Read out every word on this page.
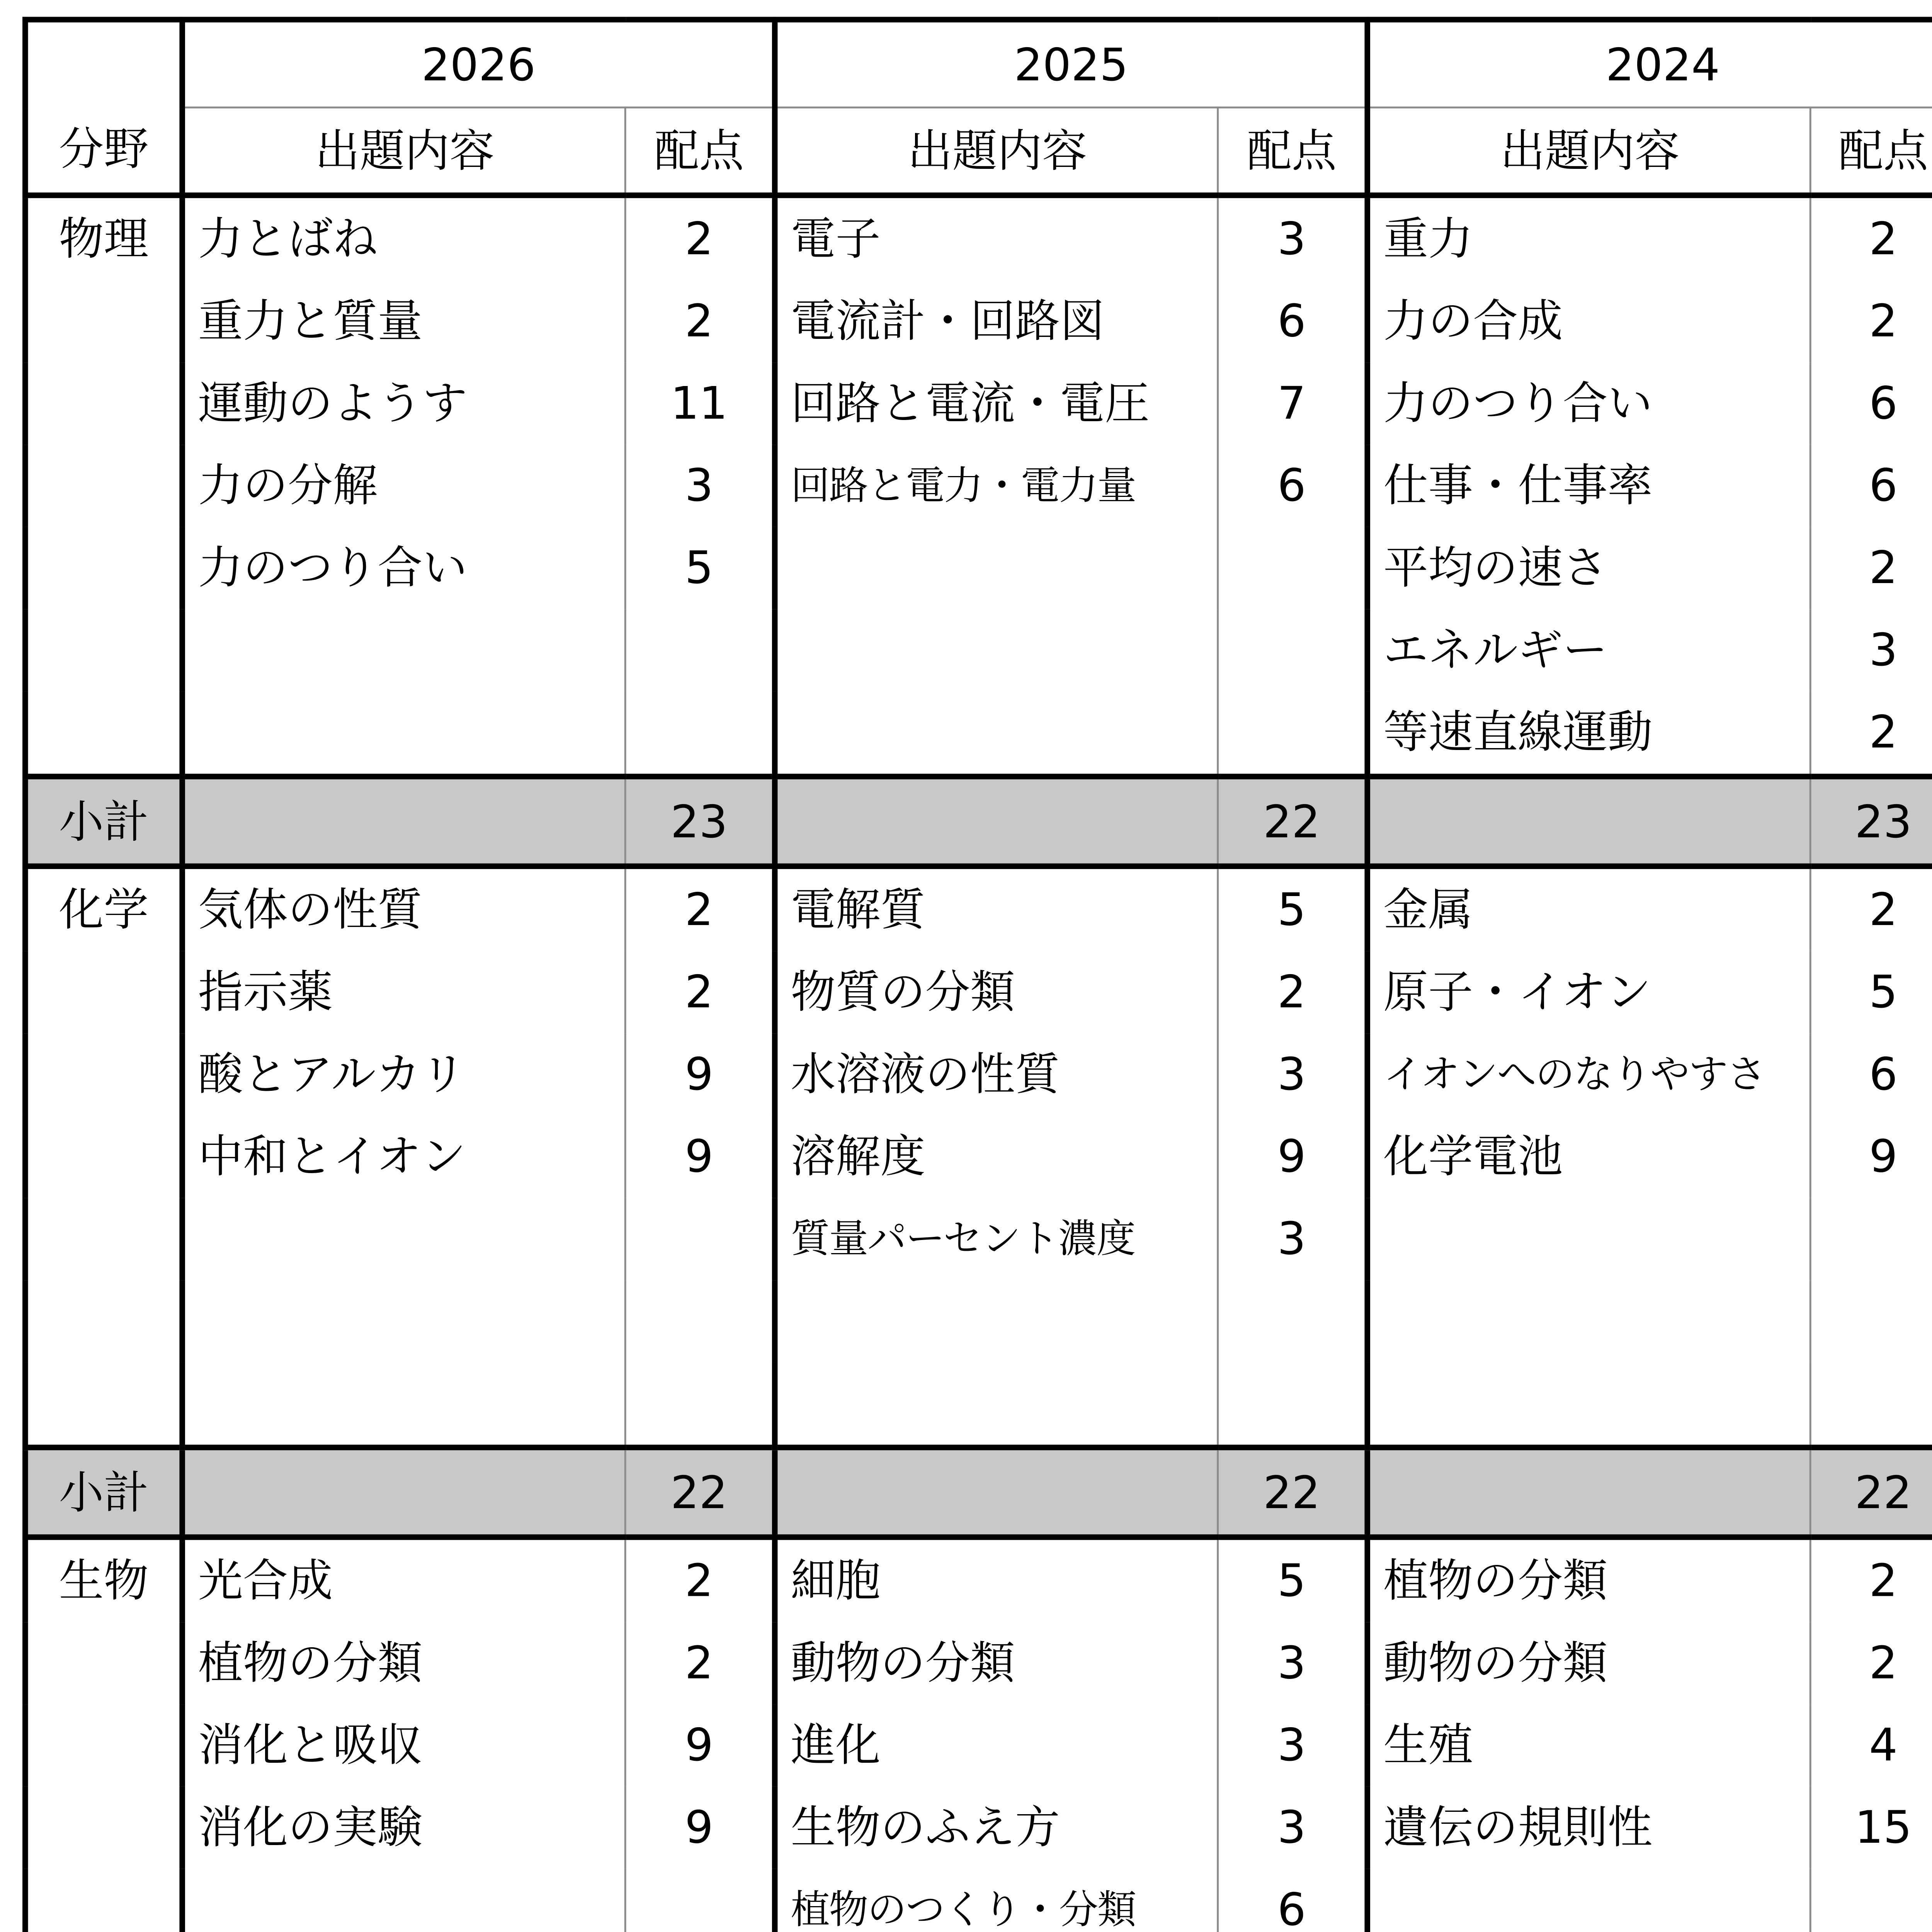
	2026		2025		2024	
分野	出題内容	配点	出題内容	配点	出題内容	配点
物理	力とばね	2	電子	3	重力	2
	重力と質量	2	電流計・回路図	6	力の合成	2
	運動のようす	11	回路と電流・電圧	7	力のつり合い	6
	力の分解	3	回路と電力・電力量	6	仕事・仕事率	6
	力のつり合い	5			平均の速さ	2
					エネルギー	3
					等速直線運動	2
小計		23		22		23
化学	気体の性質	2	電解質	5	金属	2
	指示薬	2	物質の分類	2	原子・イオン	5
	酸とアルカリ	9	水溶液の性質	3	イオンへのなりやすさ	6
	中和とイオン	9	溶解度	9	化学電池	9
			質量パーセント濃度	3		

小計		22		22		22
生物	光合成	2	細胞	5	植物の分類	2
	植物の分類	2	動物の分類	3	動物の分類	2
	消化と吸収	9	進化	3	生殖	4
	消化の実験	9	生物のふえ方	3	遺伝の規則性	15
			植物のつくり・分類	6		
